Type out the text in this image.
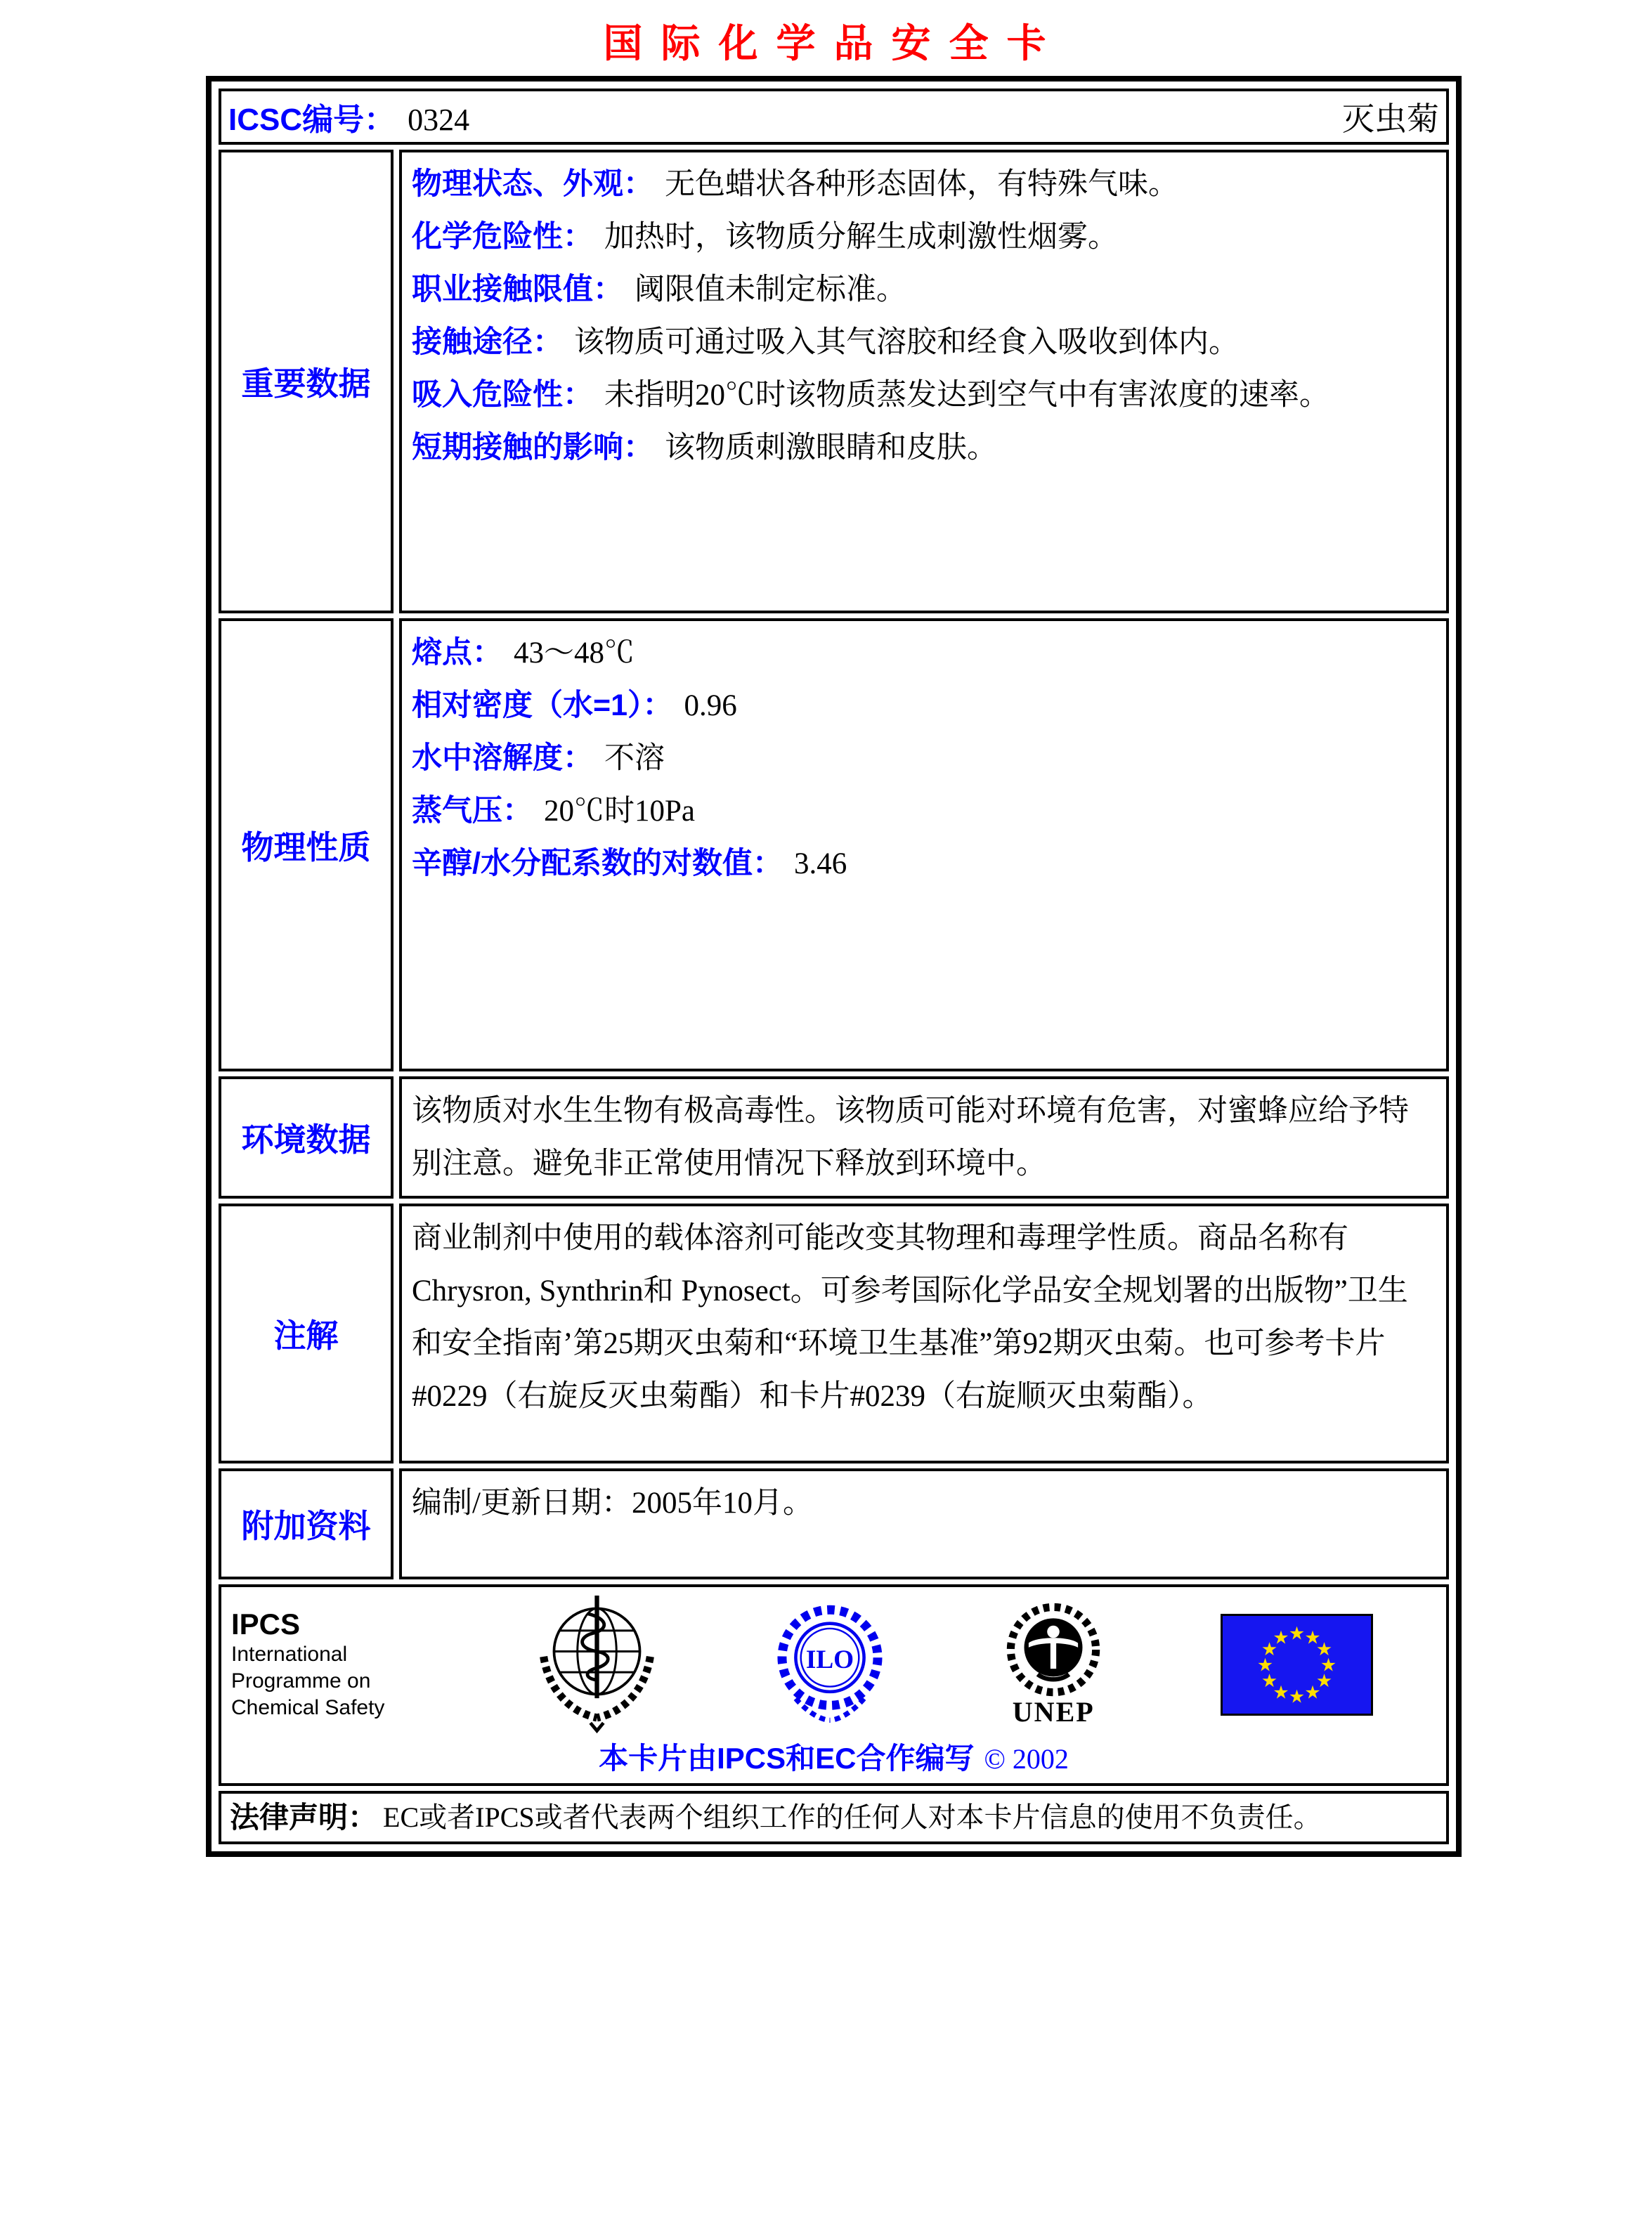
国际化学品安全卡
ICSC编号： 0324	灭虫菊
重要数据
物理状态、外观： 无色蜡状各种形态固体，有特殊气味。
化学危险性： 加热时，该物质分解生成刺激性烟雾。
职业接触限值： 阈限值未制定标准。
接触途径： 该物质可通过吸入其气溶胶和经食入吸收到体内。
吸入危险性： 未指明20℃时该物质蒸发达到空气中有害浓度的速率。
短期接触的影响： 该物质刺激眼睛和皮肤。
物理性质
熔点： 43～48℃
相对密度（水=1）： 0.96
水中溶解度： 不溶
蒸气压： 20℃时10Pa
辛醇/水分配系数的对数值： 3.46
环境数据
该物质对水生生物有极高毒性。该物质可能对环境有危害，对蜜蜂应给予特别注意。避免非正常使用情况下释放到环境中。
注解
商业制剂中使用的载体溶剂可能改变其物理和毒理学性质。商品名称有Chrysron, Synthrin和 Pynosect。可参考国际化学品安全规划署的出版物”卫生和安全指南’第25期灭虫菊和“环境卫生基准”第92期灭虫菊。也可参考卡片#0229（右旋反灭虫菊酯）和卡片#0239（右旋顺灭虫菊酯）。
附加资料
编制/更新日期：2005年10月。
IPCS
International
Programme on
Chemical Safety
ILO
UNEP
★ ★
★
★
★
★
★
★
★
★
★
★
本卡片由IPCS和EC合作编写 © 2002
法律声明： EC或者IPCS或者代表两个组织工作的任何人对本卡片信息的使用不负责任。
